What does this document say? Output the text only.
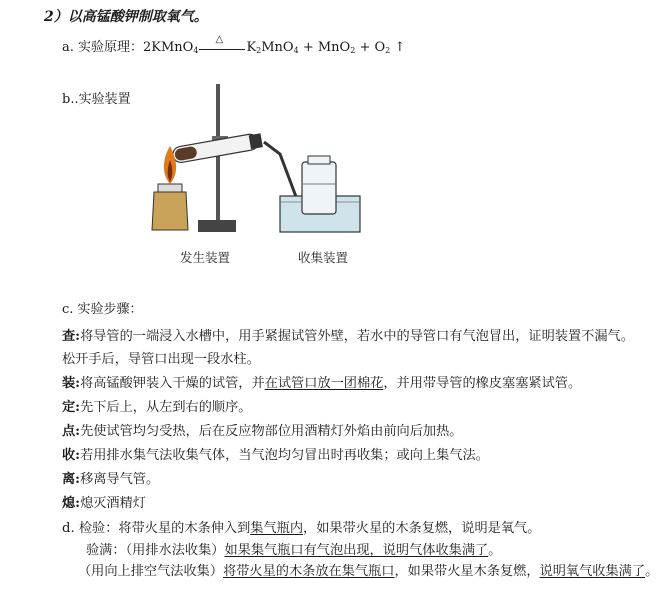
2）以高锰酸钾制取氧气。
a. 实验原理：2KMnO$_4$
△
$K_2MnO_4 + MnO_2 + O_2$ ↑
b..实验装置
发生装置	收集装置
c. 实验步骤：
查:将导管的一端浸入水槽中，用手紧握试管外壁，若水中的导管口有气泡冒出，证明装置不漏气。
松开手后，导管口出现一段水柱。
装:将高锰酸钾装入干燥的试管，并在试管口放一团棉花，并用带导管的橡皮塞塞紧试管。
定:先下后上，从左到右的顺序。
点:先使试管均匀受热，后在反应物部位用酒精灯外焰由前向后加热。
收:若用排水集气法收集气体，当气泡均匀冒出时再收集；或向上集气法。
离:移离导气管。
熄:熄灭酒精灯
d. 检验：将带火星的木条伸入到集气瓶内，如果带火星的木条复燃，说明是氧气。
验满：（用排水法收集）如果集气瓶口有气泡出现，说明气体收集满了。
（用向上排空气法收集）将带火星的木条放在集气瓶口，如果带火星木条复燃，说明氧气收集满了。
